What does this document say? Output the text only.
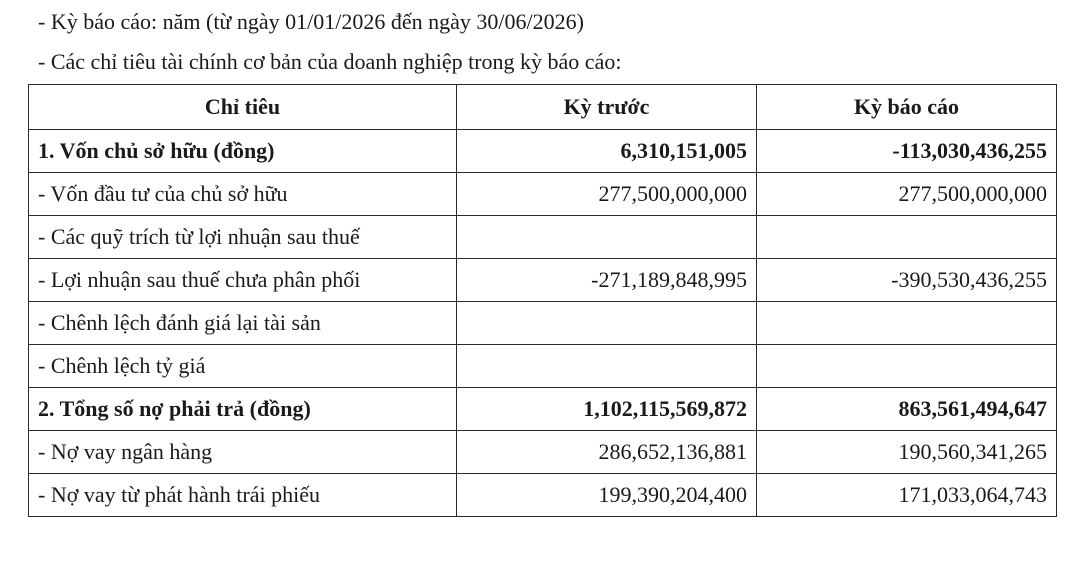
- Kỳ báo cáo: năm (từ ngày 01/01/2026 đến ngày 30/06/2026)
- Các chỉ tiêu tài chính cơ bản của doanh nghiệp trong kỳ báo cáo:
Chỉ tiêu	Kỳ trước	Kỳ báo cáo
1. Vốn chủ sở hữu (đồng)	6,310,151,005	-113,030,436,255
- Vốn đầu tư của chủ sở hữu	277,500,000,000	277,500,000,000
- Các quỹ trích từ lợi nhuận sau thuế		
- Lợi nhuận sau thuế chưa phân phối	-271,189,848,995	-390,530,436,255
- Chênh lệch đánh giá lại tài sản		
- Chênh lệch tỷ giá		
2. Tổng số nợ phải trả (đồng)	1,102,115,569,872	863,561,494,647
- Nợ vay ngân hàng	286,652,136,881	190,560,341,265
- Nợ vay từ phát hành trái phiếu	199,390,204,400	171,033,064,743
